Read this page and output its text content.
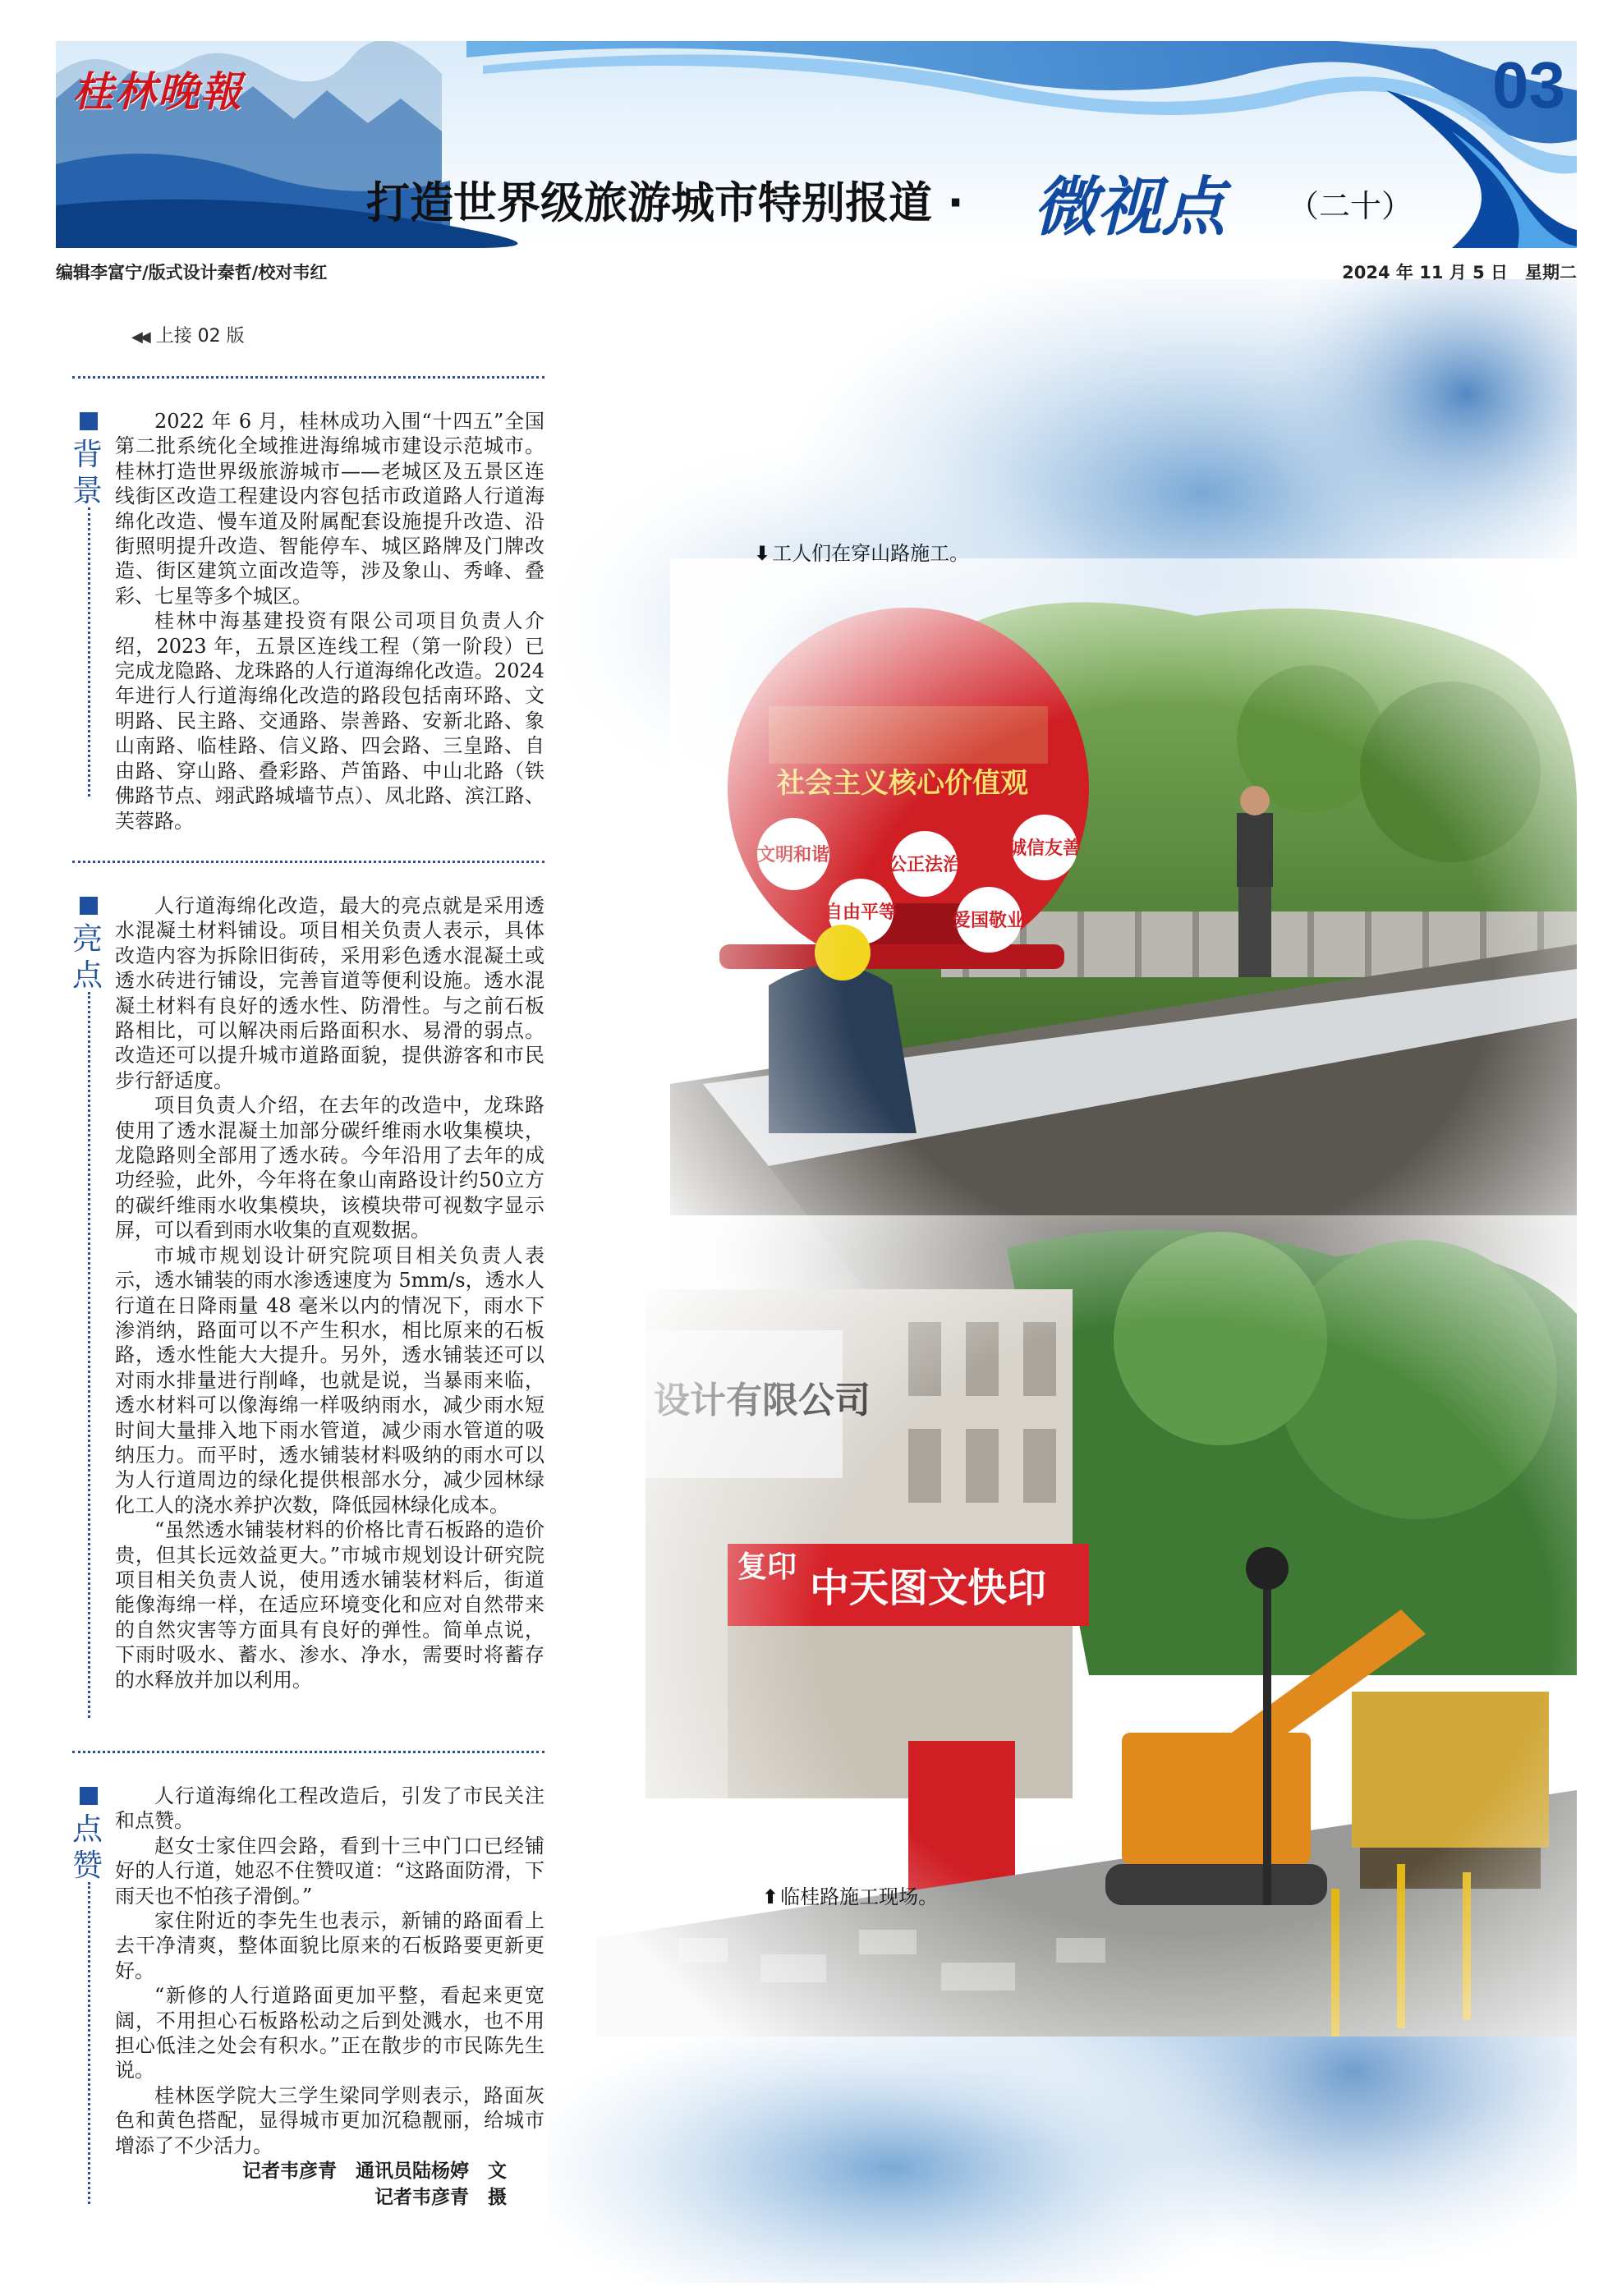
桂林晚報	03
打造世界级旅游城市特别报道 · 微视点 （二十）
编辑李富宁/版式设计秦哲/校对韦红	2024 年 11 月 5 日　星期二
◀◀ 上接 02 版
⬇工人们在穿山路施工。
⬆临桂路施工现场。
背景

2022 年 6 月，桂林成功入围“十四五”全国第二批系统化全域推进海绵城市建设示范城市。桂林打造世界级旅游城市——老城区及五景区连线街区改造工程建设内容包括市政道路人行道海绵化改造、慢车道及附属配套设施提升改造、沿街照明提升改造、智能停车、城区路牌及门牌改造、街区建筑立面改造等，涉及象山、秀峰、叠彩、七星等多个城区。

桂林中海基建投资有限公司项目负责人介绍，2023 年，五景区连线工程（第一阶段）已完成龙隐路、龙珠路的人行道海绵化改造。2024 年进行人行道海绵化改造的路段包括南环路、文明路、民主路、交通路、崇善路、安新北路、象山南路、临桂路、信义路、四会路、三皇路、自由路、穿山路、叠彩路、芦笛路、中山北路（铁佛路节点、翊武路城墙节点）、凤北路、滨江路、芙蓉路。

亮点

人行道海绵化改造，最大的亮点就是采用透水混凝土材料铺设。项目相关负责人表示，具体改造内容为拆除旧街砖，采用彩色透水混凝土或透水砖进行铺设，完善盲道等便利设施。透水混凝土材料有良好的透水性、防滑性。与之前石板路相比，可以解决雨后路面积水、易滑的弱点。改造还可以提升城市道路面貌，提供游客和市民步行舒适度。

项目负责人介绍，在去年的改造中，龙珠路使用了透水混凝土加部分碳纤维雨水收集模块，龙隐路则全部用了透水砖。今年沿用了去年的成功经验，此外，今年将在象山南路设计约50立方的碳纤维雨水收集模块，该模块带可视数字显示屏，可以看到雨水收集的直观数据。

市城市规划设计研究院项目相关负责人表示，透水铺装的雨水渗透速度为 5mm/s，透水人行道在日降雨量 48 毫米以内的情况下，雨水下渗消纳，路面可以不产生积水，相比原来的石板路，透水性能大大提升。另外，透水铺装还可以对雨水排量进行削峰，也就是说，当暴雨来临，透水材料可以像海绵一样吸纳雨水，减少雨水短时间大量排入地下雨水管道，减少雨水管道的吸纳压力。而平时，透水铺装材料吸纳的雨水可以为人行道周边的绿化提供根部水分，减少园林绿化工人的浇水养护次数，降低园林绿化成本。

“虽然透水铺装材料的价格比青石板路的造价贵，但其长远效益更大。”市城市规划设计研究院项目相关负责人说，使用透水铺装材料后，街道能像海绵一样，在适应环境变化和应对自然带来的自然灾害等方面具有良好的弹性。简单点说，下雨时吸水、蓄水、渗水、净水，需要时将蓄存的水释放并加以利用。

点赞

人行道海绵化工程改造后，引发了市民关注和点赞。

赵女士家住四会路，看到十三中门口已经铺好的人行道，她忍不住赞叹道：“这路面防滑，下雨天也不怕孩子滑倒。”

家住附近的李先生也表示，新铺的路面看上去干净清爽，整体面貌比原来的石板路要更新更好。

“新修的人行道路面更加平整，看起来更宽阔，不用担心石板路松动之后到处溅水，也不用担心低洼之处会有积水。”正在散步的市民陈先生说。

桂林医学院大三学生梁同学则表示，路面灰色和黄色搭配，显得城市更加沉稳靓丽，给城市增添了不少活力。

记者韦彦青　通讯员陆杨婷　文
记者韦彦青　摄
